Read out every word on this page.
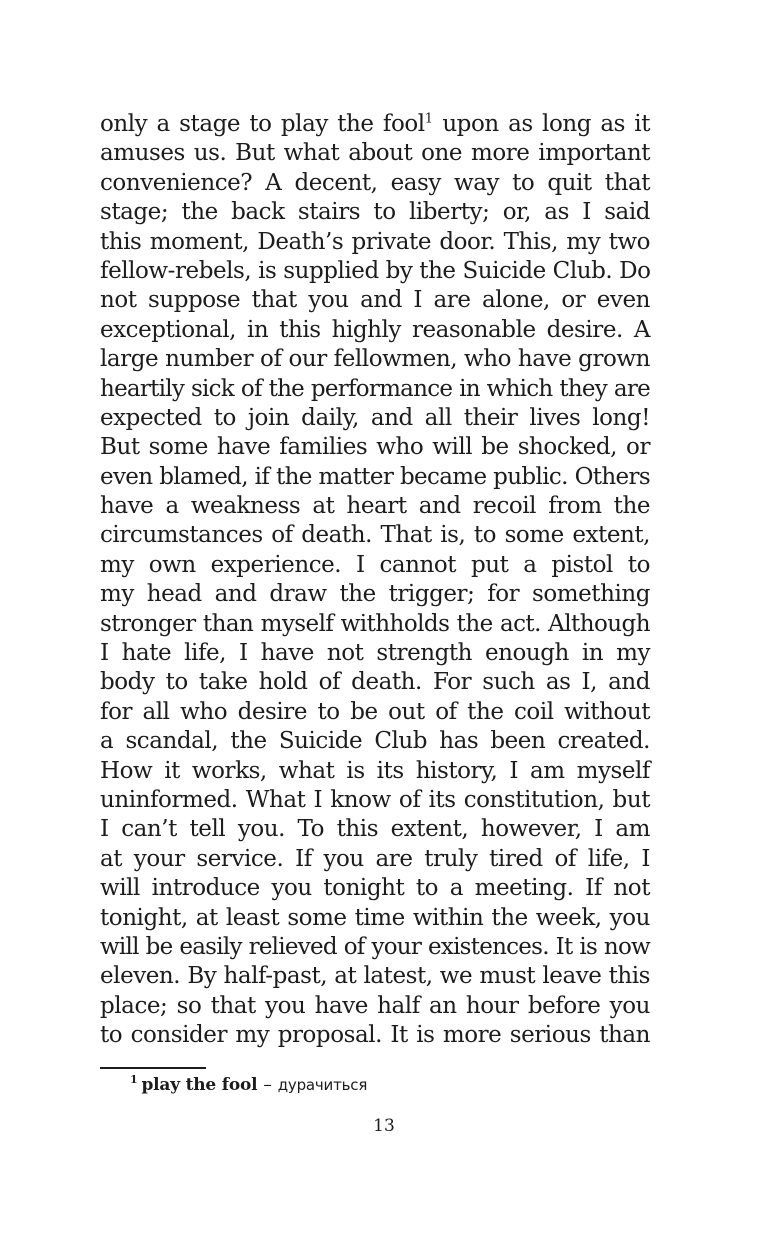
only a stage to play the fool$^1$ upon as long as it
amuses us. But what about one more important
convenience? A decent, easy way to quit that
stage; the back stairs to liberty; or, as I said
this moment, Death’s private door. This, my two
fellow-rebels, is supplied by the Suicide Club. Do
not suppose that you and I are alone, or even
exceptional, in this highly reasonable desire. A
large number of our fellowmen, who have grown
heartily sick of the performance in which they are
expected to join daily, and all their lives long!
But some have families who will be shocked, or
even blamed, if the matter became public. Others
have a weakness at heart and recoil from the
circumstances of death. That is, to some extent,
my own experience. I cannot put a pistol to
my head and draw the trigger; for something
stronger than myself withholds the act. Although
I hate life, I have not strength enough in my
body to take hold of death. For such as I, and
for all who desire to be out of the coil without
a scandal, the Suicide Club has been created.
How it works, what is its history, I am myself
uninformed. What I know of its constitution, but
I can’t tell you. To this extent, however, I am
at your service. If you are truly tired of life, I
will introduce you tonight to a meeting. If not
tonight, at least some time within the week, you
will be easily relieved of your existences. It is now
eleven. By half-past, at latest, we must leave this
place; so that you have half an hour before you
to consider my proposal. It is more serious than
$^1$ play the fool – дурачиться
13
